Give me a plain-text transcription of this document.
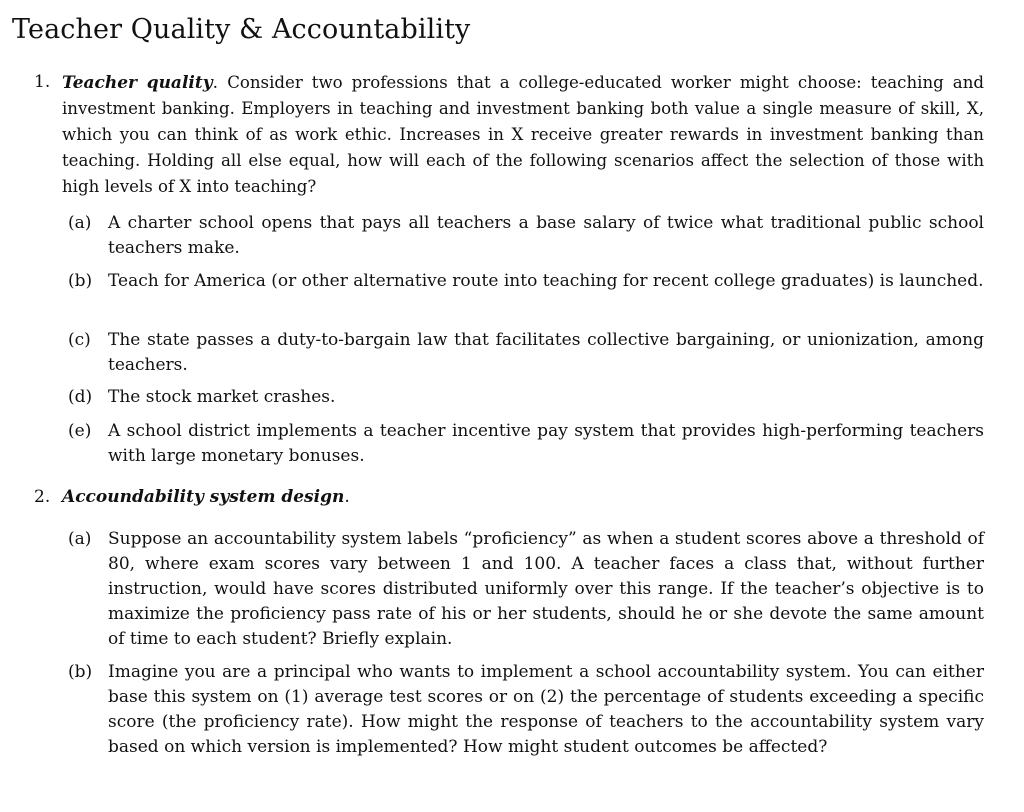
Teacher Quality & Accountability
1. Teacher quality. Consider two professions that a college-educated worker might choose: teaching and investment banking. Employers in teaching and investment banking both value a single measure of skill, X, which you can think of as work ethic. Increases in X receive greater rewards in investment banking than teaching. Holding all else equal, how will each of the following scenarios affect the selection of those with high levels of X into teaching?
(a) A charter school opens that pays all teachers a base salary of twice what traditional public school teachers make.
(b) Teach for America (or other alternative route into teaching for recent college graduates) is launched.
(c)	The state passes a duty-to-bargain law that facilitates collective bargaining, or unionization, among teachers.
(d) The stock market crashes.
(e) A school district implements a teacher incentive pay system that provides high-performing teachers with large monetary bonuses.
2. Accoundability system design.
(a) Suppose an accountability system labels “proficiency” as when a student scores above a threshold of 80, where exam scores vary between 1 and 100. A teacher faces a class that, without further instruction, would have scores distributed uniformly over this range. If the teacher’s objective is to maximize the proficiency pass rate of his or her students, should he or she devote the same amount of time to each student? Briefly explain.
(b) Imagine you are a principal who wants to implement a school accountability system. You can either base this system on (1) average test scores or on (2) the percentage of students exceeding a specific score (the proficiency rate). How might the response of teachers to the accountability system vary based on which version is implemented? How might student outcomes be affected?
